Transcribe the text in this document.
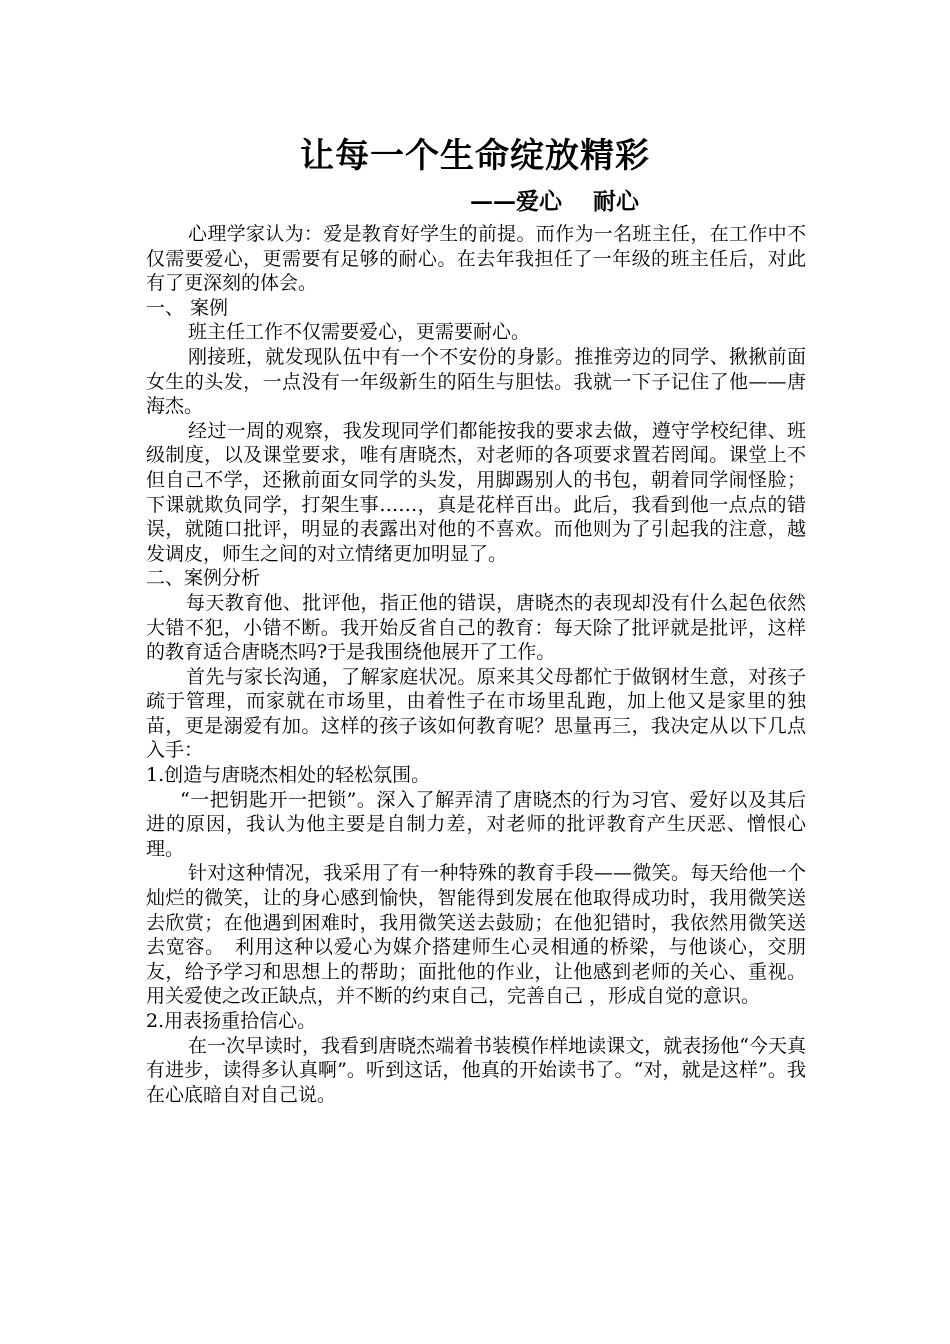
让每一个生命绽放精彩
——爱心　 耐心

心理学家认为：爱是教育好学生的前提。而作为一名班主任，在工作中不仅需要爱心，更需要有足够的耐心。在去年我担任了一年级的班主任后，对此有了更深刻的体会。

一、 案例

班主任工作不仅需要爱心，更需要耐心。

刚接班，就发现队伍中有一个不安份的身影。推推旁边的同学、揪揪前面女生的头发，一点没有一年级新生的陌生与胆怯。我就一下子记住了他——唐海杰。

经过一周的观察，我发现同学们都能按我的要求去做，遵守学校纪律、班级制度，以及课堂要求，唯有唐晓杰，对老师的各项要求置若罔闻。课堂上不但自己不学，还揪前面女同学的头发，用脚踢别人的书包，朝着同学闹怪脸；下课就欺负同学，打架生事……，真是花样百出。此后，我看到他一点点的错误，就随口批评，明显的表露出对他的不喜欢。而他则为了引起我的注意，越发调皮，师生之间的对立情绪更加明显了。

二、案例分析

每天教育他、批评他，指正他的错误，唐晓杰的表现却没有什么起色依然大错不犯，小错不断。我开始反省自己的教育：每天除了批评就是批评，这样的教育适合唐晓杰吗?于是我围绕他展开了工作。

首先与家长沟通，了解家庭状况。原来其父母都忙于做钢材生意，对孩子疏于管理，而家就在市场里，由着性子在市场里乱跑，加上他又是家里的独苗，更是溺爱有加。这样的孩子该如何教育呢？思量再三，我决定从以下几点入手：

1.创造与唐晓杰相处的轻松氛围。

“一把钥匙开一把锁”。深入了解弄清了唐晓杰的行为习官、爱好以及其后进的原因，我认为他主要是自制力差，对老师的批评教育产生厌恶、憎恨心理。

针对这种情况，我采用了有一种特殊的教育手段——微笑。每天给他一个灿烂的微笑，让的身心感到愉快，智能得到发展在他取得成功时，我用微笑送去欣赏；在他遇到困难时，我用微笑送去鼓励；在他犯错时，我依然用微笑送去宽容。　利用这种以爱心为媒介搭建师生心灵相通的桥梁，与他谈心，交朋友，给予学习和思想上的帮助；面批他的作业，让他感到老师的关心、重视。用关爱使之改正缺点，并不断的约束自己，完善自己 ，形成自觉的意识。

2.用表扬重拾信心。

在一次早读时，我看到唐晓杰端着书装模作样地读课文，就表扬他“今天真有进步，读得多认真啊”。听到这话，他真的开始读书了。“对，就是这样”。我在心底暗自对自己说。
